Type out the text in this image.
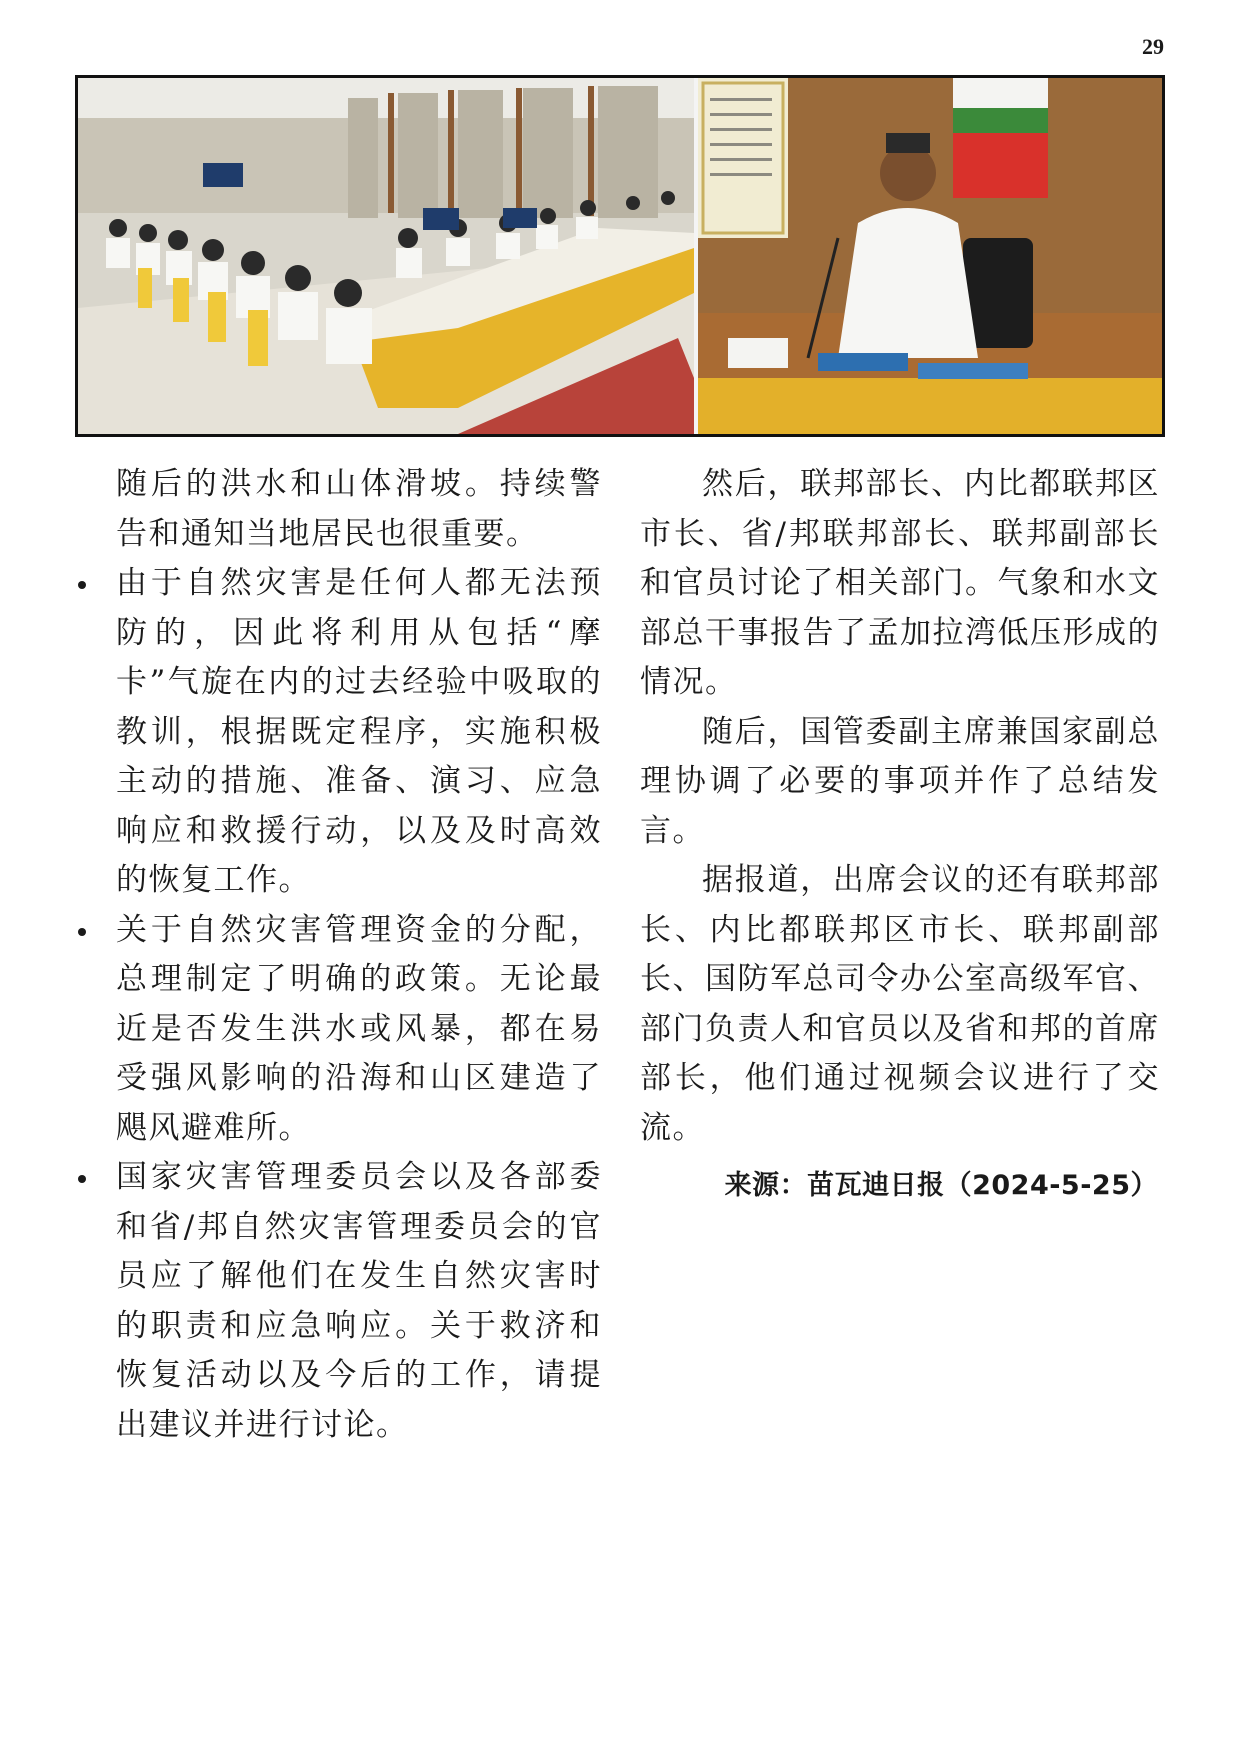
29

随后的洪水和山体滑坡。持续警告和通知当地居民也很重要。

由于自然灾害是任何人都无法预防的，因此将利用从包括“摩卡”气旋在内的过去经验中吸取的教训，根据既定程序，实施积极主动的措施、准备、演习、应急响应和救援行动，以及及时高效的恢复工作。

关于自然灾害管理资金的分配，总理制定了明确的政策。无论最近是否发生洪水或风暴，都在易受强风影响的沿海和山区建造了飓风避难所。

国家灾害管理委员会以及各部委和省/邦自然灾害管理委员会的官员应了解他们在发生自然灾害时的职责和应急响应。关于救济和恢复活动以及今后的工作，请提出建议并进行讨论。

然后，联邦部长、内比都联邦区市长、省/邦联邦部长、联邦副部长和官员讨论了相关部门。气象和水文部总干事报告了孟加拉湾低压形成的情况。

随后，国管委副主席兼国家副总理协调了必要的事项并作了总结发言。

据报道，出席会议的还有联邦部长、内比都联邦区市长、联邦副部长、国防军总司令办公室高级军官、部门负责人和官员以及省和邦的首席部长，他们通过视频会议进行了交流。

来源：苗瓦迪日报（2024-5-25）
